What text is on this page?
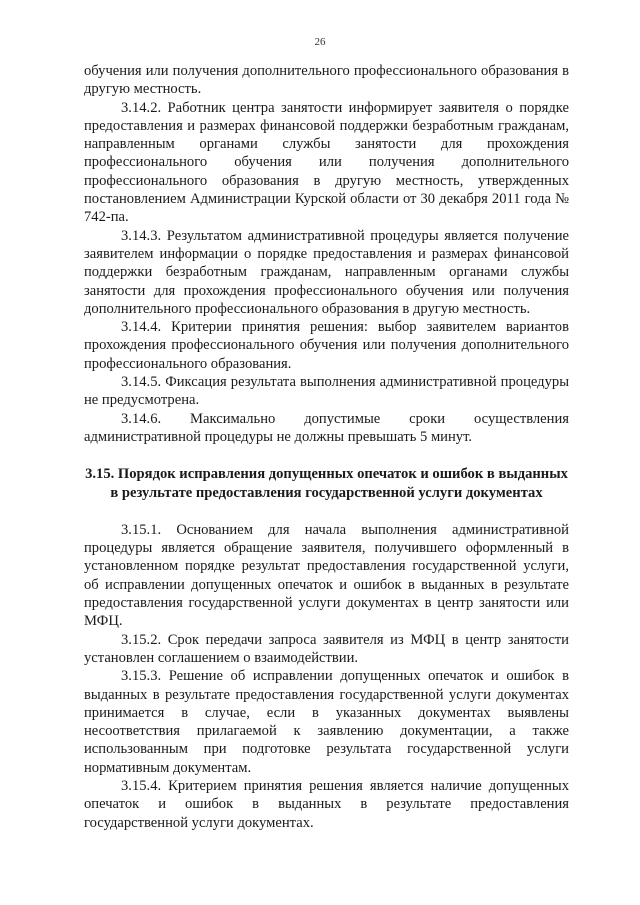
26

обучения или получения дополнительного профессионального образования в другую местность.

3.14.2. Работник центра занятости информирует заявителя о порядке предоставления и размерах финансовой поддержки безработным гражданам, направленным органами службы занятости для прохождения профессионального обучения или получения дополнительного профессионального образования в другую местность, утвержденных постановлением Администрации Курской области от 30 декабря 2011 года № 742-па.

3.14.3. Результатом административной процедуры является получение заявителем информации о порядке предоставления и размерах финансовой поддержки безработным гражданам, направленным органами службы занятости для прохождения профессионального обучения или получения дополнительного профессионального образования в другую местность.

3.14.4. Критерии принятия решения: выбор заявителем вариантов прохождения профессионального обучения или получения дополнительного профессионального образования.

3.14.5. Фиксация результата выполнения административной процедуры не предусмотрена.

3.14.6. Максимально допустимые сроки осуществления административной процедуры не должны превышать 5 минут.

3.15. Порядок исправления допущенных опечаток и ошибок в выданных в результате предоставления государственной услуги документах

3.15.1. Основанием для начала выполнения административной процедуры является обращение заявителя, получившего оформленный в установленном порядке результат предоставления государственной услуги, об исправлении допущенных опечаток и ошибок в выданных в результате предоставления государственной услуги документах в центр занятости или МФЦ.

3.15.2. Срок передачи запроса заявителя из МФЦ в центр занятости установлен соглашением о взаимодействии.

3.15.3. Решение об исправлении допущенных опечаток и ошибок в выданных в результате предоставления государственной услуги документах принимается в случае, если в указанных документах выявлены несоответствия прилагаемой к заявлению документации, а также использованным при подготовке результата государственной услуги нормативным документам.

3.15.4. Критерием принятия решения является наличие допущенных опечаток и ошибок в выданных в результате предоставления государственной услуги документах.
